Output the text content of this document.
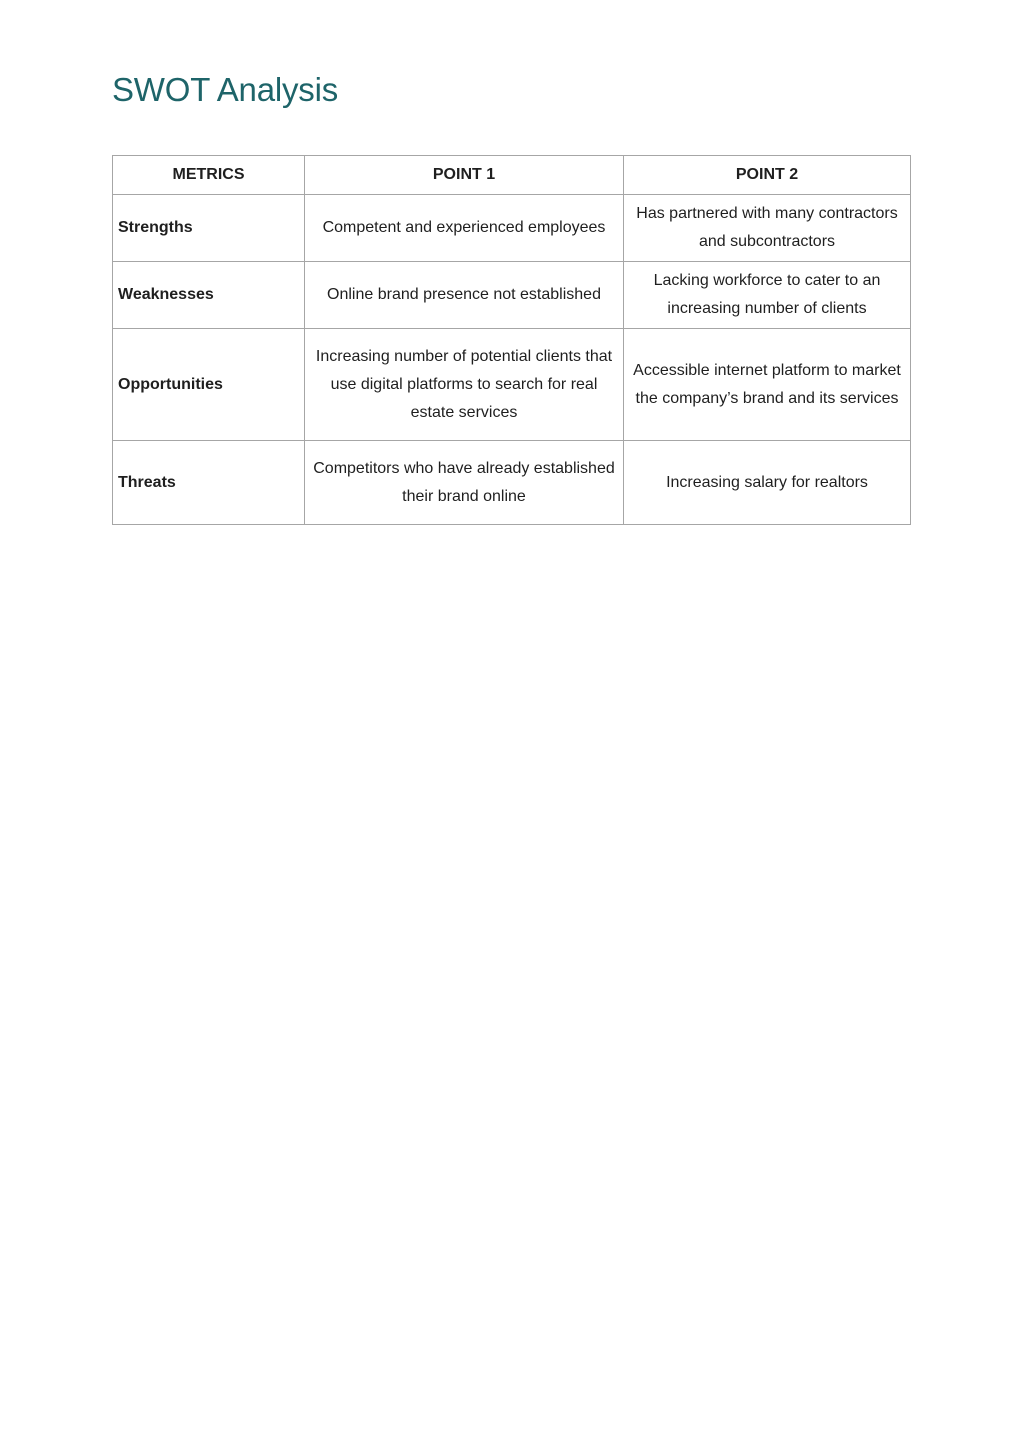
SWOT Analysis
METRICS	POINT 1	POINT 2
Strengths	Competent and experienced employees	Has partnered with many contractors and subcontractors
Weaknesses	Online brand presence not established	Lacking workforce to cater to an increasing number of clients
Opportunities	Increasing number of potential clients that use digital platforms to search for real estate services	Accessible internet platform to market the company’s brand and its services
Threats	Competitors who have already established their brand online	Increasing salary for realtors
